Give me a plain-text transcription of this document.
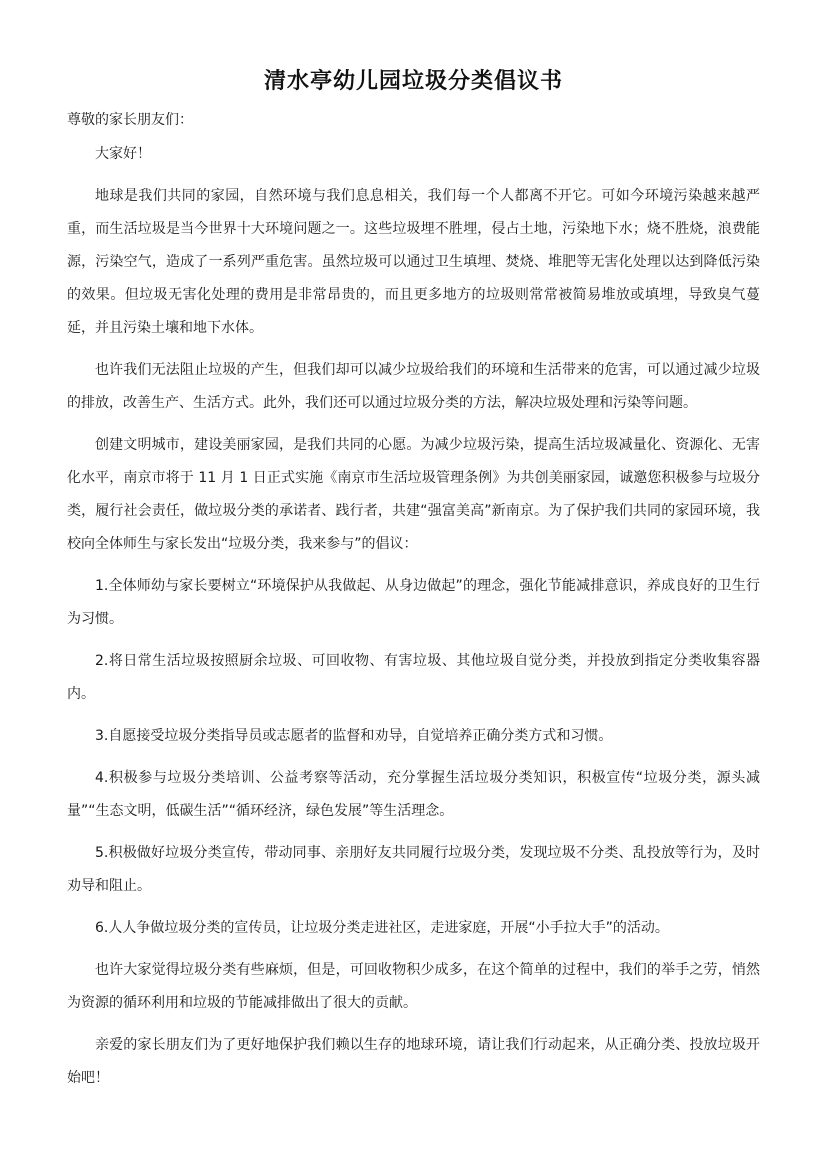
清水亭幼儿园垃圾分类倡议书

尊敬的家长朋友们：

大家好！

地球是我们共同的家园，自然环境与我们息息相关，我们每一个人都离不开它。可如今环境污染越来越严重，而生活垃圾是当今世界十大环境问题之一。这些垃圾埋不胜埋，侵占土地，污染地下水；烧不胜烧，浪费能源，污染空气，造成了一系列严重危害。虽然垃圾可以通过卫生填埋、焚烧、堆肥等无害化处理以达到降低污染的效果。但垃圾无害化处理的费用是非常昂贵的，而且更多地方的垃圾则常常被简易堆放或填埋，导致臭气蔓延，并且污染土壤和地下水体。

也许我们无法阻止垃圾的产生，但我们却可以减少垃圾给我们的环境和生活带来的危害，可以通过减少垃圾的排放，改善生产、生活方式。此外，我们还可以通过垃圾分类的方法，解决垃圾处理和污染等问题。

创建文明城市，建设美丽家园，是我们共同的心愿。为减少垃圾污染，提高生活垃圾减量化、资源化、无害化水平，南京市将于 11 月 1 日正式实施《南京市生活垃圾管理条例》为共创美丽家园，诚邀您积极参与垃圾分类，履行社会责任，做垃圾分类的承诺者、践行者，共建“强富美高”新南京。为了保护我们共同的家园环境，我校向全体师生与家长发出“垃圾分类，我来参与”的倡议：

1.全体师幼与家长要树立“环境保护从我做起、从身边做起”的理念，强化节能减排意识，养成良好的卫生行为习惯。

2.将日常生活垃圾按照厨余垃圾、可回收物、有害垃圾、其他垃圾自觉分类，并投放到指定分类收集容器内。

3.自愿接受垃圾分类指导员或志愿者的监督和劝导，自觉培养正确分类方式和习惯。

4.积极参与垃圾分类培训、公益考察等活动，充分掌握生活垃圾分类知识，积极宣传“垃圾分类，源头减量”“生态文明，低碳生活”“循环经济，绿色发展”等生活理念。

5.积极做好垃圾分类宣传，带动同事、亲朋好友共同履行垃圾分类，发现垃圾不分类、乱投放等行为，及时劝导和阻止。

6.人人争做垃圾分类的宣传员，让垃圾分类走进社区，走进家庭，开展“小手拉大手”的活动。

也许大家觉得垃圾分类有些麻烦，但是，可回收物积少成多，在这个简单的过程中，我们的举手之劳，悄然为资源的循环利用和垃圾的节能减排做出了很大的贡献。

亲爱的家长朋友们为了更好地保护我们赖以生存的地球环境，请让我们行动起来，从正确分类、投放垃圾开始吧！
